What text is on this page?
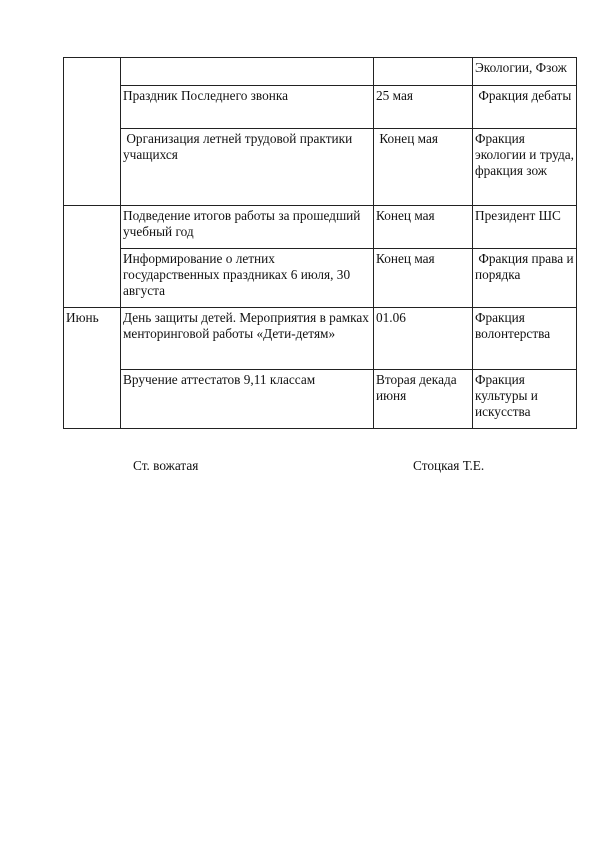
			Экологии, Фзож
	Праздник Последнего звонка	25 мая	Фракция дебаты
	Организация летней трудовой практики учащихся	Конец мая	Фракция экологии и труда, фракция зож
	Подведение итогов работы за прошедший учебный год	Конец мая	Президент ШС
	Информирование о летних государственных праздниках 6 июля, 30 августа	Конец мая	Фракция права и порядка
Июнь	День защиты детей. Мероприятия в рамках менторинговой работы «Дети-детям»	01.06	Фракция волонтерства
	Вручение аттестатов 9,11 классам	Вторая декада июня	Фракция культуры и искусства
Ст. вожатая	Стоцкая Т.Е.
